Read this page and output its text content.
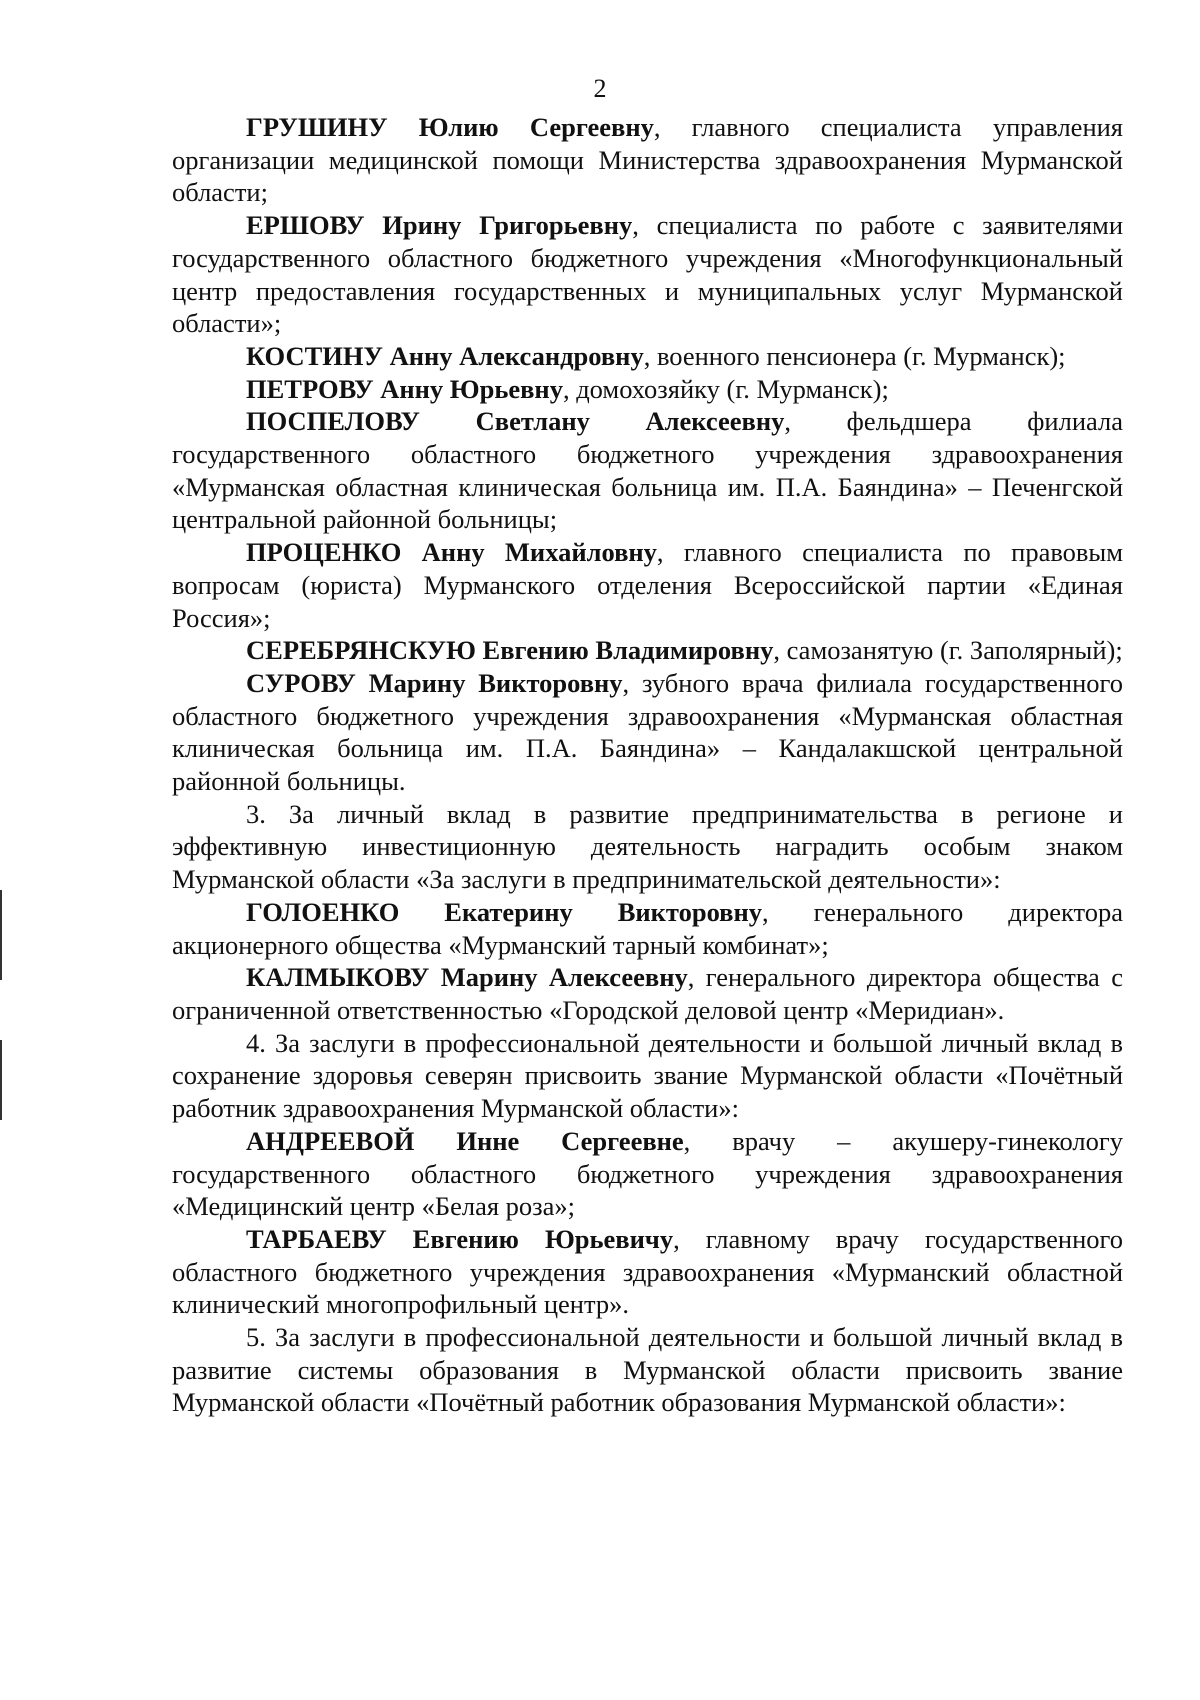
2

ГРУШИНУ Юлию Сергеевну, главного специалиста управления организации медицинской помощи Министерства здравоохранения Мурманской области;

ЕРШОВУ Ирину Григорьевну, специалиста по работе с заявителями государственного областного бюджетного учреждения «Многофункциональный центр предоставления государственных и муниципальных услуг Мурманской области»;

КОСТИНУ Анну Александровну, военного пенсионера (г. Мурманск);

ПЕТРОВУ Анну Юрьевну, домохозяйку (г. Мурманск);

ПОСПЕЛОВУ Светлану Алексеевну, фельдшера филиала государственного областного бюджетного учреждения здравоохранения «Мурманская областная клиническая больница им. П.А. Баяндина» – Печенгской центральной районной больницы;

ПРОЦЕНКО Анну Михайловну, главного специалиста по правовым вопросам (юриста) Мурманского отделения Всероссийской партии «Единая Россия»;

СЕРЕБРЯНСКУЮ Евгению Владимировну, самозанятую (г. Заполярный);

СУРОВУ Марину Викторовну, зубного врача филиала государственного областного бюджетного учреждения здравоохранения «Мурманская областная клиническая больница им. П.А. Баяндина» – Кандалакшской центральной районной больницы.

3. За личный вклад в развитие предпринимательства в регионе и эффективную инвестиционную деятельность наградить особым знаком Мурманской области «За заслуги в предпринимательской деятельности»:

ГОЛОЕНКО Екатерину Викторовну, генерального директора акционерного общества «Мурманский тарный комбинат»;

КАЛМЫКОВУ Марину Алексеевну, генерального директора общества с ограниченной ответственностью «Городской деловой центр «Меридиан».

4. За заслуги в профессиональной деятельности и большой личный вклад в сохранение здоровья северян присвоить звание Мурманской области «Почётный работник здравоохранения Мурманской области»:

АНДРЕЕВОЙ Инне Сергеевне, врачу – акушеру-гинекологу государственного областного бюджетного учреждения здравоохранения «Медицинский центр «Белая роза»;

ТАРБАЕВУ Евгению Юрьевичу, главному врачу государственного областного бюджетного учреждения здравоохранения «Мурманский областной клинический многопрофильный центр».

5. За заслуги в профессиональной деятельности и большой личный вклад в развитие системы образования в Мурманской области присвоить звание Мурманской области «Почётный работник образования Мурманской области»:
